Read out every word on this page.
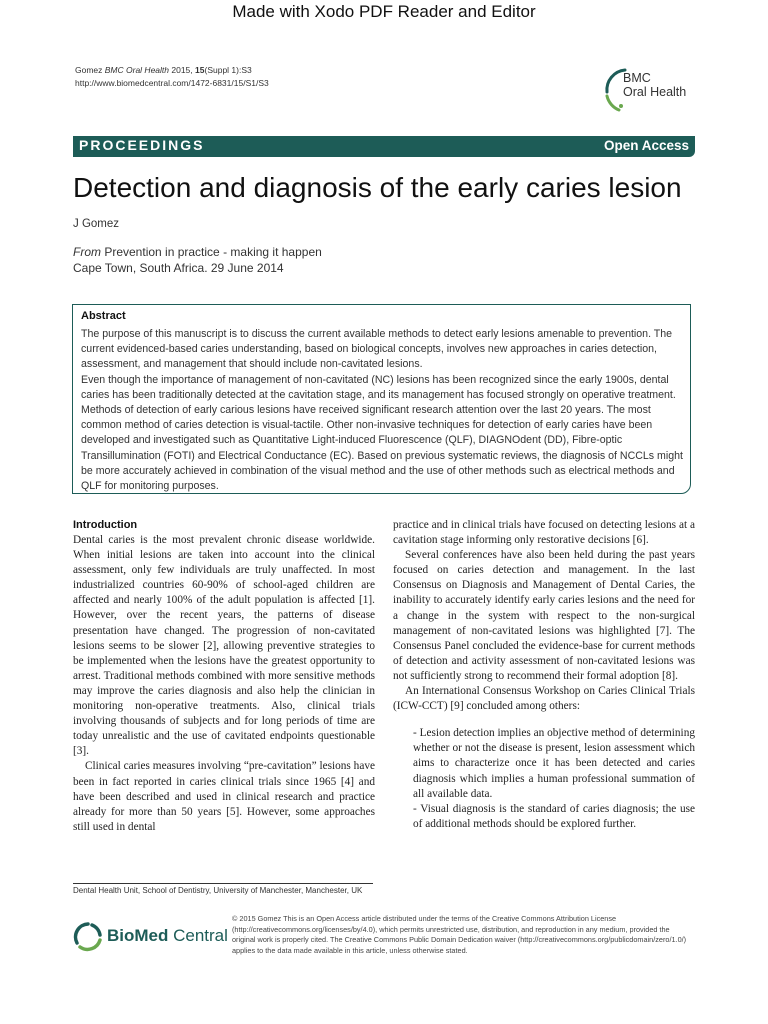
Made with Xodo PDF Reader and Editor
Gomez BMC Oral Health 2015, 15(Suppl 1):S3
http://www.biomedcentral.com/1472-6831/15/S1/S3	BMC
Oral Health
PROCEEDINGS	Open Access
Detection and diagnosis of the early caries lesion
J Gomez
From Prevention in practice - making it happen
Cape Town, South Africa. 29 June 2014
Abstract

The purpose of this manuscript is to discuss the current available methods to detect early lesions amenable to prevention. The current evidenced-based caries understanding, based on biological concepts, involves new approaches in caries detection, assessment, and management that should include non-cavitated lesions.

Even though the importance of management of non-cavitated (NC) lesions has been recognized since the early 1900s, dental caries has been traditionally detected at the cavitation stage, and its management has focused strongly on operative treatment. Methods of detection of early carious lesions have received significant research attention over the last 20 years. The most common method of caries detection is visual-tactile. Other non-invasive techniques for detection of early caries have been developed and investigated such as Quantitative Light-induced Fluorescence (QLF), DIAGNOdent (DD), Fibre-optic Transillumination (FOTI) and Electrical Conductance (EC). Based on previous systematic reviews, the diagnosis of NCCLs might be more accurately achieved in combination of the visual method and the use of other methods such as electrical methods and QLF for monitoring purposes.

Introduction

Dental caries is the most prevalent chronic disease worldwide. When initial lesions are taken into account into the clinical assessment, only few individuals are truly unaffected. In most industrialized countries 60-90% of school-aged children are affected and nearly 100% of the adult population is affected [1]. However, over the recent years, the patterns of disease presentation have changed. The progression of non-cavitated lesions seems to be slower [2], allowing preventive strategies to be implemented when the lesions have the greatest opportunity to arrest. Traditional methods combined with more sensitive methods may improve the caries diagnosis and also help the clinician in monitoring non-operative treatments. Also, clinical trials involving thousands of subjects and for long periods of time are today unrealistic and the use of cavitated endpoints questionable [3].

Clinical caries measures involving “pre-cavitation” lesions have been in fact reported in caries clinical trials since 1965 [4] and have been described and used in clinical research and practice already for more than 50 years [5]. However, some approaches still used in dental

practice and in clinical trials have focused on detecting lesions at a cavitation stage informing only restorative decisions [6].

Several conferences have also been held during the past years focused on caries detection and management. In the last Consensus on Diagnosis and Management of Dental Caries, the inability to accurately identify early caries lesions and the need for a change in the system with respect to the non-surgical management of non-cavitated lesions was highlighted [7]. The Consensus Panel concluded the evidence-base for current methods of detection and activity assessment of non-cavitated lesions was not sufficiently strong to recommend their formal adoption [8].

An International Consensus Workshop on Caries Clinical Trials (ICW-CCT) [9] concluded among others:

- Lesion detection implies an objective method of determining whether or not the disease is present, lesion assessment which aims to characterize once it has been detected and caries diagnosis which implies a human professional summation of all available data.

- Visual diagnosis is the standard of caries diagnosis; the use of additional methods should be explored further.

Dental Health Unit, School of Dentistry, University of Manchester, Manchester, UK
BioMed Central
© 2015 Gomez This is an Open Access article distributed under the terms of the Creative Commons Attribution License (http://creativecommons.org/licenses/by/4.0), which permits unrestricted use, distribution, and reproduction in any medium, provided the original work is properly cited. The Creative Commons Public Domain Dedication waiver (http://creativecommons.org/publicdomain/zero/1.0/) applies to the data made available in this article, unless otherwise stated.
